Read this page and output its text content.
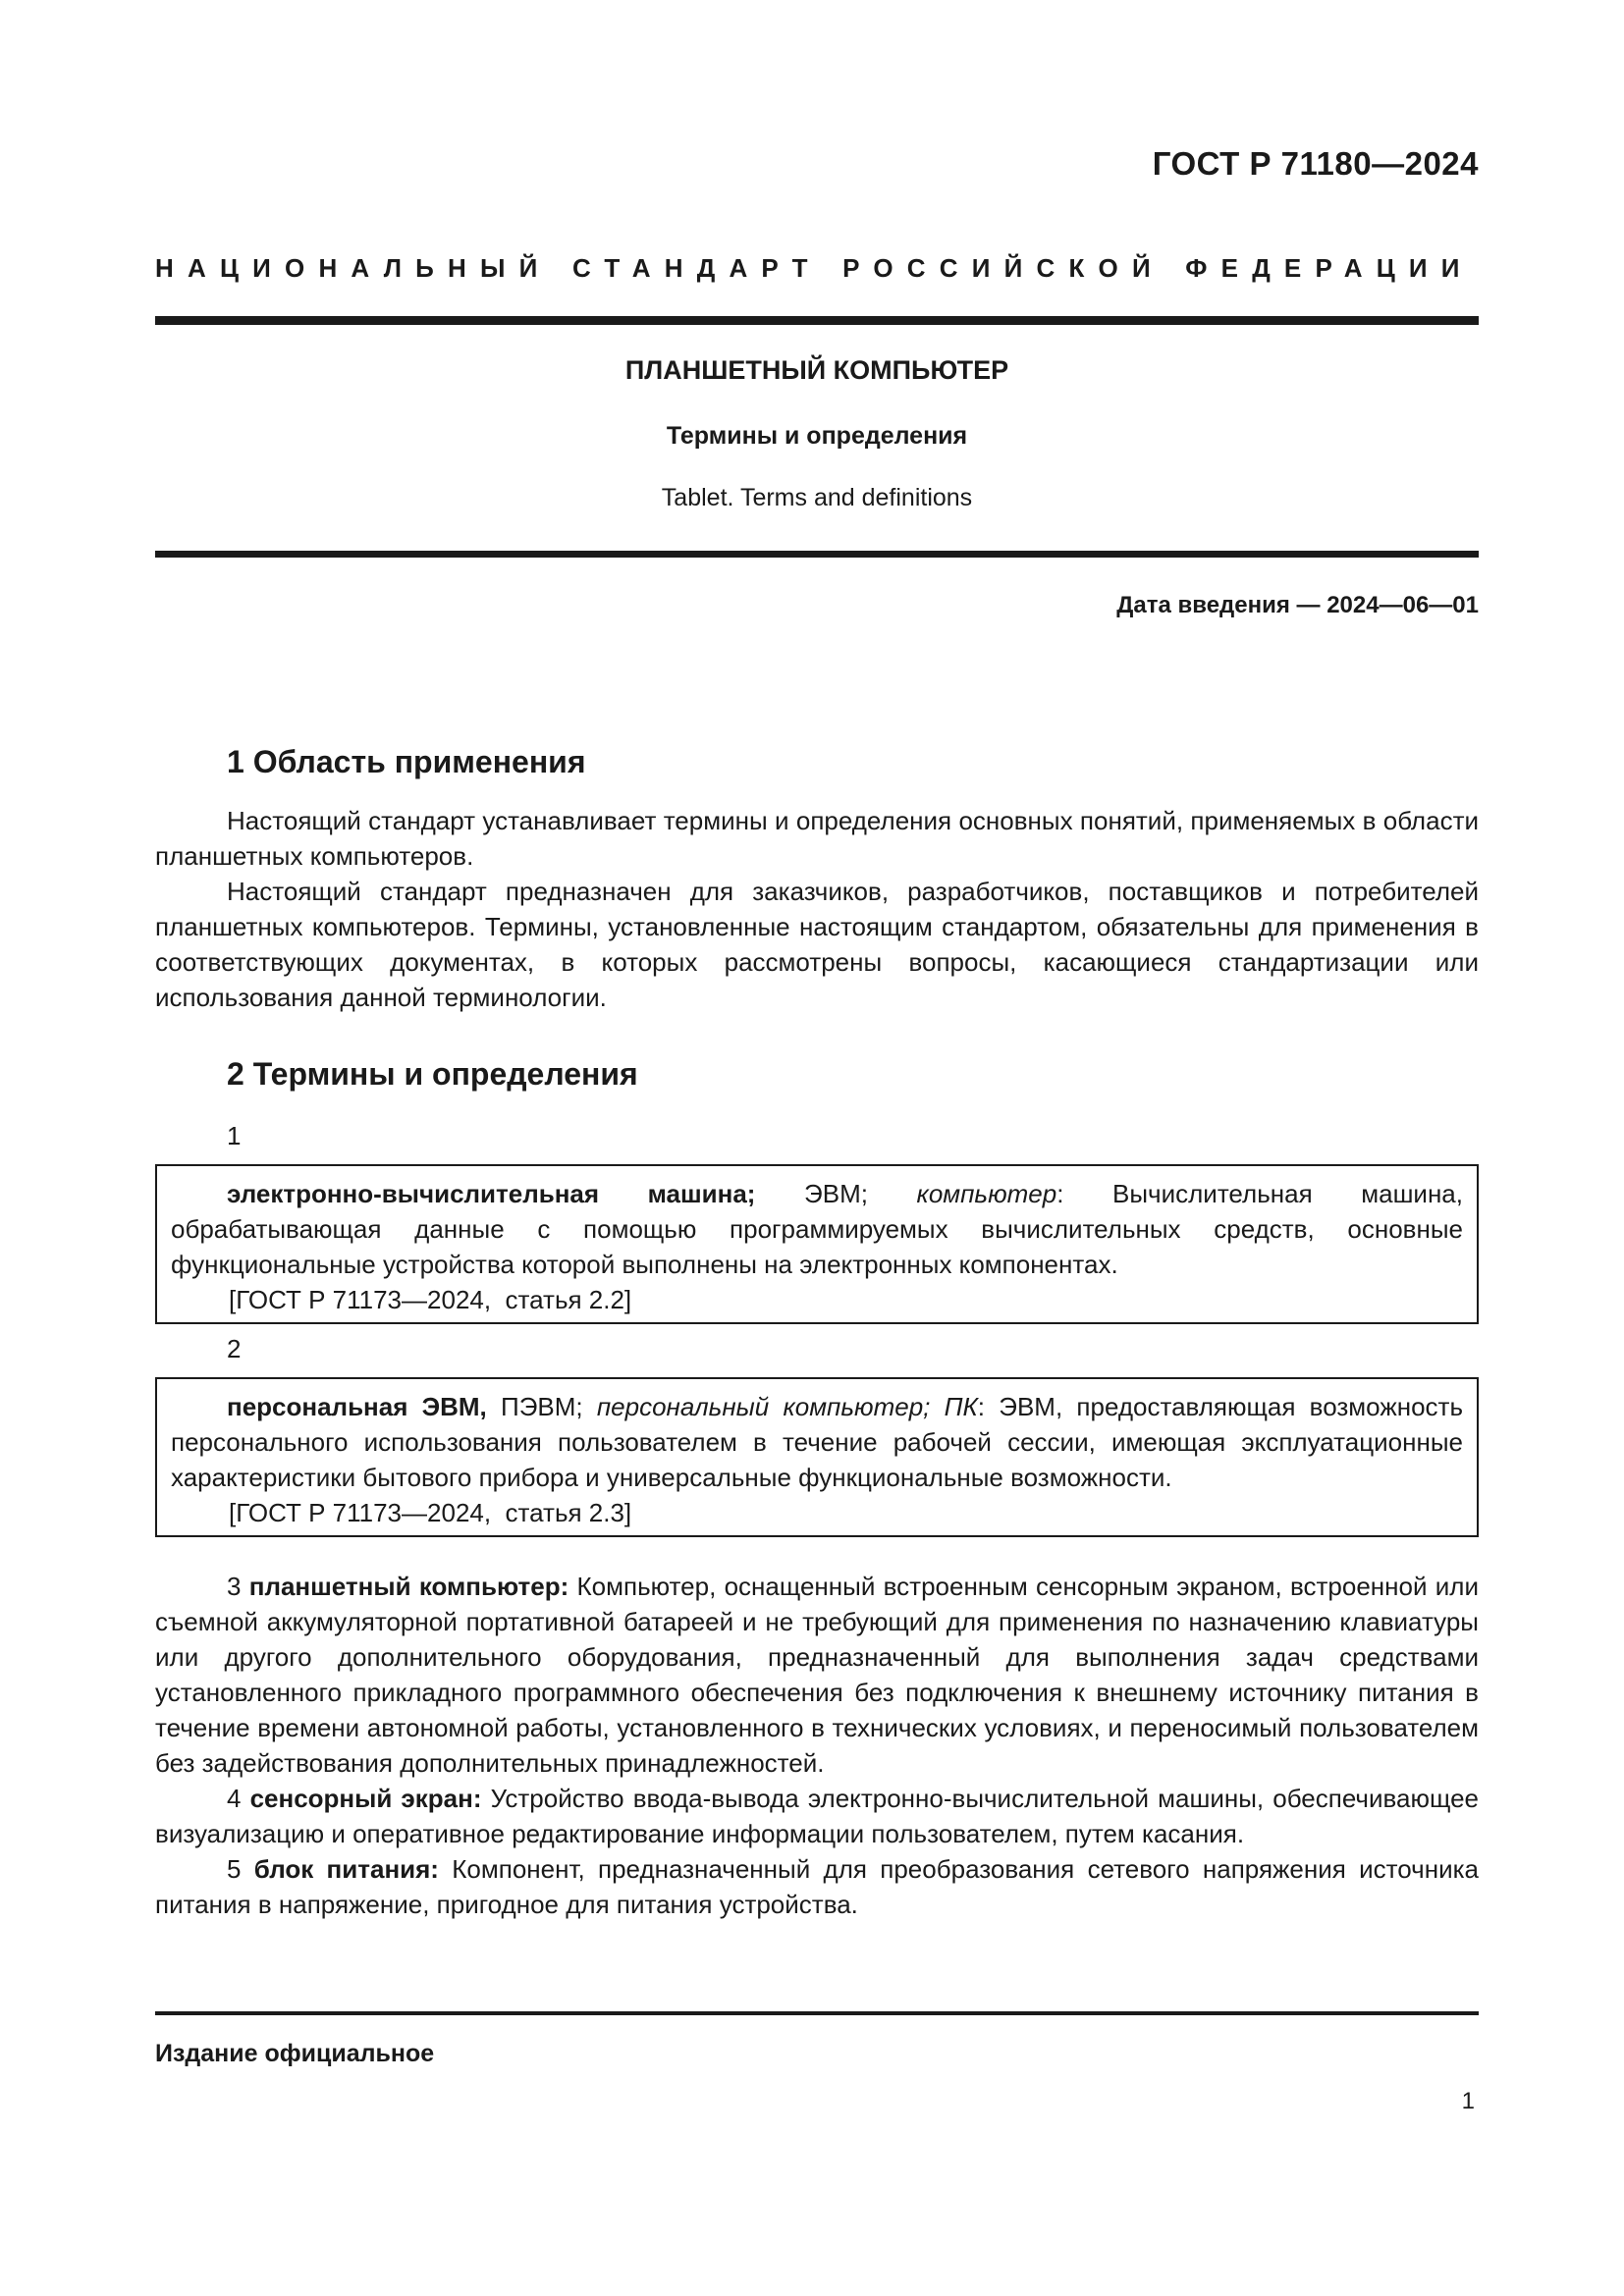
ГОСТ Р 71180—2024
НАЦИОНАЛЬНЫЙ СТАНДАРТ РОССИЙСКОЙ ФЕДЕРАЦИИ
ПЛАНШЕТНЫЙ КОМПЬЮТЕР
Термины и определения
Tablet. Terms and definitions
Дата введения — 2024—06—01
1 Область применения
Настоящий стандарт устанавливает термины и определения основных понятий, применяемых в области планшетных компьютеров.
Настоящий стандарт предназначен для заказчиков, разработчиков, поставщиков и потребителей планшетных компьютеров. Термины, установленные настоящим стандартом, обязательны для применения в соответствующих документах, в которых рассмотрены вопросы, касающиеся стандартизации или использования данной терминологии.
2 Термины и определения
1
электронно-вычислительная машина; ЭВМ; компьютер: Вычислительная машина, обрабатывающая данные с помощью программируемых вычислительных средств, основные функциональные устройства которой выполнены на электронных компонентах.
[ГОСТ Р 71173—2024,  статья 2.2]
2
персональная ЭВМ, ПЭВМ; персональный компьютер; ПК: ЭВМ, предоставляющая возможность персонального использования пользователем в течение рабочей сессии, имеющая эксплуатационные характеристики бытового прибора и универсальные функциональные возможности.
[ГОСТ Р 71173—2024,  статья 2.3]
3 планшетный компьютер: Компьютер, оснащенный встроенным сенсорным экраном, встроенной или съемной аккумуляторной портативной батареей и не требующий для применения по назначению клавиатуры или другого дополнительного оборудования, предназначенный для выполнения задач средствами установленного прикладного программного обеспечения без подключения к внешнему источнику питания в течение времени автономной работы, установленного в технических условиях, и переносимый пользователем без задействования дополнительных принадлежностей.
4 сенсорный экран: Устройство ввода-вывода электронно-вычислительной машины, обеспечивающее визуализацию и оперативное редактирование информации пользователем, путем касания.
5 блок питания: Компонент, предназначенный для преобразования сетевого напряжения источника питания в напряжение, пригодное для питания устройства.
Издание официальное
1
